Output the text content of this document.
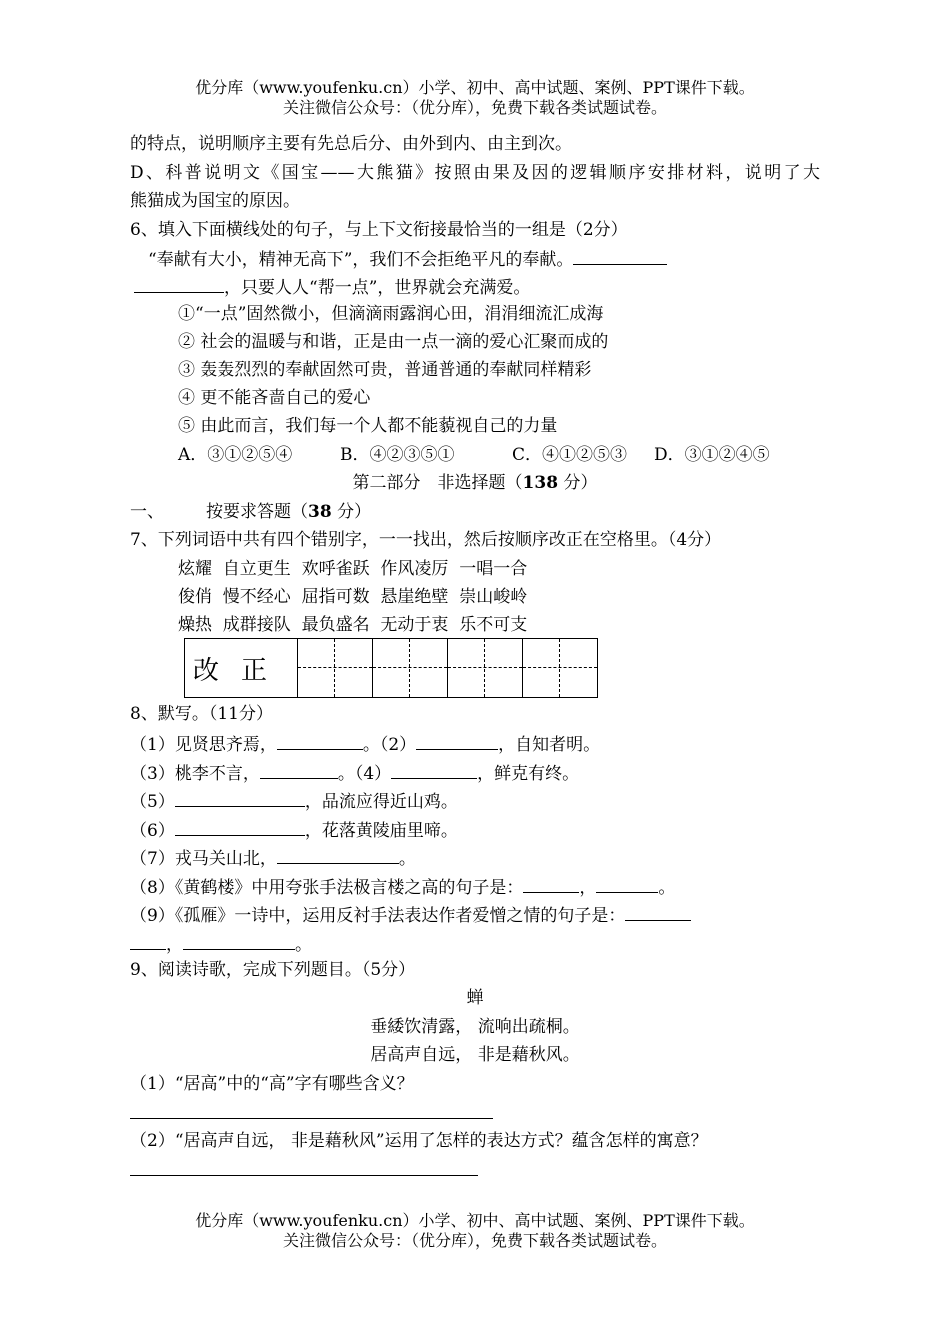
优分库（www.youfenku.cn）小学、初中、高中试题、案例、PPT课件下载。
关注微信公众号：（优分库），免费下载各类试题试卷。
的特点，说明顺序主要有先总后分、由外到内、由主到次。
D、科普说明文《国宝——大熊猫》按照由果及因的逻辑顺序安排材料，说明了大
熊猫成为国宝的原因。
6、填入下面横线处的句子，与上下文衔接最恰当的一组是（2分）
“奉献有大小，精神无高下”，我们不会拒绝平凡的奉献。
，只要人人“帮一点”，世界就会充满爱。
①“一点”固然微小，但滴滴雨露润心田，涓涓细流汇成海
② 社会的温暖与和谐，正是由一点一滴的爱心汇聚而成的
③ 轰轰烈烈的奉献固然可贵，普通普通的奉献同样精彩
④ 更不能吝啬自己的爱心
⑤ 由此而言，我们每一个人都不能藐视自己的力量
A．③①②⑤④	B．④②③⑤①	C．④①②⑤③ D．③①②④⑤
第二部分　非选择题（138 分）
一、 按要求答题（38 分）
7、下列词语中共有四个错别字，一一找出，然后按顺序改正在空格里。（4分）
炫耀  自立更生  欢呼雀跃  作风凌厉  一唱一合
俊俏  慢不经心  屈指可数  悬崖绝壁  崇山峻岭
燥热  成群接队  最负盛名  无动于衷  乐不可支
改正	

8、默写。（11分）
（1）见贤思齐焉，	。（2）	，自知者明。
（3）桃李不言，	。（4）	，鲜克有终。
（5）	，品流应得近山鸡。
（6）	，花落黄陵庙里啼。
（7）戎马关山北，	。
（8）《黄鹤楼》中用夸张手法极言楼之高的句子是：	，	。
（9）《孤雁》一诗中，运用反衬手法表达作者爱憎之情的句子是：
，	。
9、阅读诗歌，完成下列题目。（5分）
蝉
垂緌饮清露， 流响出疏桐。
居高声自远， 非是藉秋风。
（1）“居高”中的“高”字有哪些含义？
（2）“居高声自远， 非是藉秋风”运用了怎样的表达方式？蕴含怎样的寓意？
优分库（www.youfenku.cn）小学、初中、高中试题、案例、PPT课件下载。
关注微信公众号：（优分库），免费下载各类试题试卷。
